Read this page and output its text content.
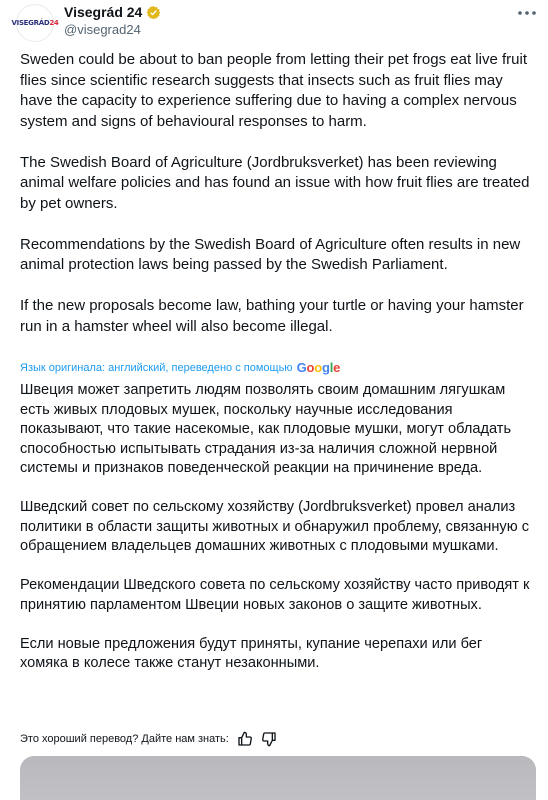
VISEGRÁD24
Visegrád 24
@visegrad24

Sweden could be about to ban people from letting their pet frogs eat live fruit flies since scientific research suggests that insects such as fruit flies may have the capacity to experience suffering due to having a complex nervous system and signs of behavioural responses to harm.

The Swedish Board of Agriculture (Jordbruksverket) has been reviewing animal welfare policies and has found an issue with how fruit flies are treated by pet owners.

Recommendations by the Swedish Board of Agriculture often results in new animal protection laws being passed by the Swedish Parliament.

If the new proposals become law, bathing your turtle or having your hamster run in a hamster wheel will also become illegal.

Язык оригинала: английский, переведено с помощью Google

Швеция может запретить людям позволять своим домашним лягушкам есть живых плодовых мушек, поскольку научные исследования показывают, что такие насекомые, как плодовые мушки, могут обладать способностью испытывать страдания из-за наличия сложной нервной системы и признаков поведенческой реакции на причинение вреда.

Шведский совет по сельскому хозяйству (Jordbruksverket) провел анализ политики в области защиты животных и обнаружил проблему, связанную с обращением владельцев домашних животных с плодовыми мушками.

Рекомендации Шведского совета по сельскому хозяйству часто приводят к принятию парламентом Швеции новых законов о защите животных.

Если новые предложения будут приняты, купание черепахи или бег хомяка в колесе также станут незаконными.

Это хороший перевод? Дайте нам знать:
